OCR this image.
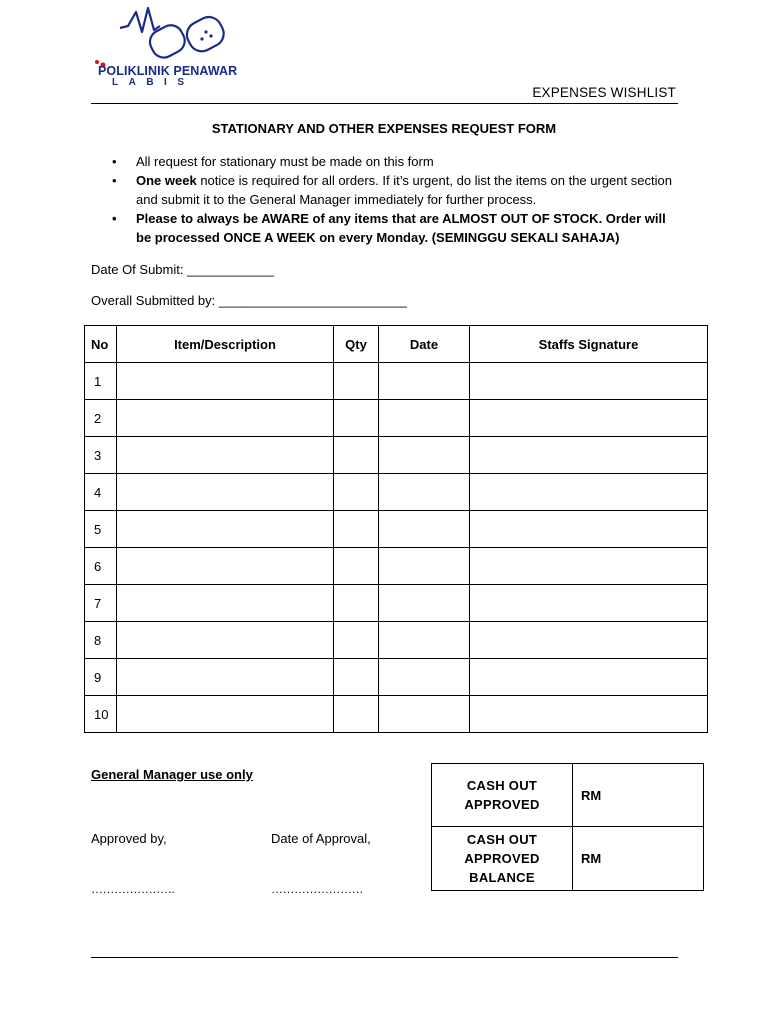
POLIKLINIK PENAWAR
LABIS
EXPENSES WISHLIST
STATIONARY AND OTHER EXPENSES REQUEST FORM
• All request for stationary must be made on this form
• One week notice is required for all orders. If it’s urgent, do list the items on the urgent section and submit it to the General Manager immediately for further process.
• Please to always be AWARE of any items that are ALMOST OUT OF STOCK. Order will be processed ONCE A WEEK on every Monday. (SEMINGGU SEKALI SAHAJA)
Date Of Submit: ____________
Overall Submitted by: __________________________
No	Item/Description	Qty	Date	Staffs Signature
1				
2				
3				
4				
5				
6				
7				
8				
9				
10				
General Manager use only
Approved by,	Date of Approval,
………………….	……………………
CASH OUT
APPROVED	RM

CASH OUT
APPROVED
BALANCE	RM
